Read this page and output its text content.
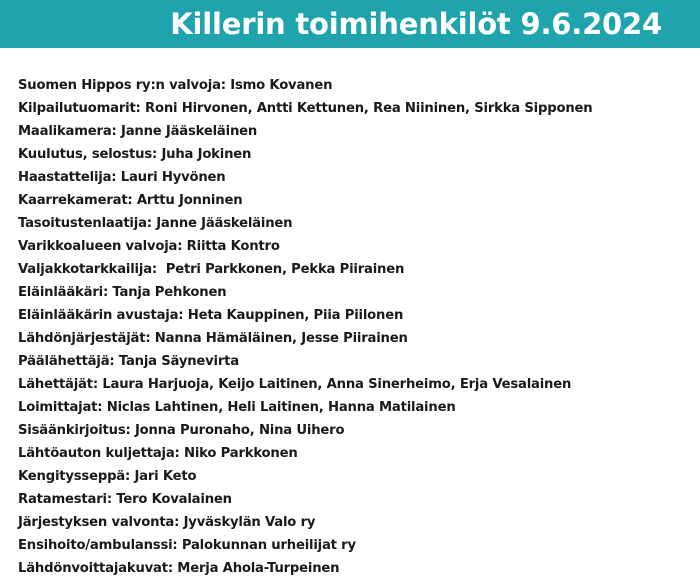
Killerin toimihenkilöt 9.6.2024
Suomen Hippos ry:n valvoja: Ismo Kovanen
Kilpailutuomarit: Roni Hirvonen, Antti Kettunen, Rea Niininen, Sirkka Sipponen
Maalikamera: Janne Jääskeläinen
Kuulutus, selostus: Juha Jokinen
Haastattelija: Lauri Hyvönen
Kaarrekamerat: Arttu Jonninen
Tasoitustenlaatija: Janne Jääskeläinen
Varikkoalueen valvoja: Riitta Kontro
Valjakkotarkkailija:  Petri Parkkonen, Pekka Piirainen
Eläinlääkäri: Tanja Pehkonen
Eläinlääkärin avustaja: Heta Kauppinen, Piia Piilonen
Lähdönjärjestäjät: Nanna Hämäläinen, Jesse Piirainen
Päälähettäjä: Tanja Säynevirta
Lähettäjät: Laura Harjuoja, Keijo Laitinen, Anna Sinerheimo, Erja Vesalainen
Loimittajat: Niclas Lahtinen, Heli Laitinen, Hanna Matilainen
Sisäänkirjoitus: Jonna Puronaho, Nina Uihero
Lähtöauton kuljettaja: Niko Parkkonen
Kengitysseppä: Jari Keto
Ratamestari: Tero Kovalainen
Järjestyksen valvonta: Jyväskylän Valo ry
Ensihoito/ambulanssi: Palokunnan urheilijat ry
Lähdönvoittajakuvat: Merja Ahola-Turpeinen
